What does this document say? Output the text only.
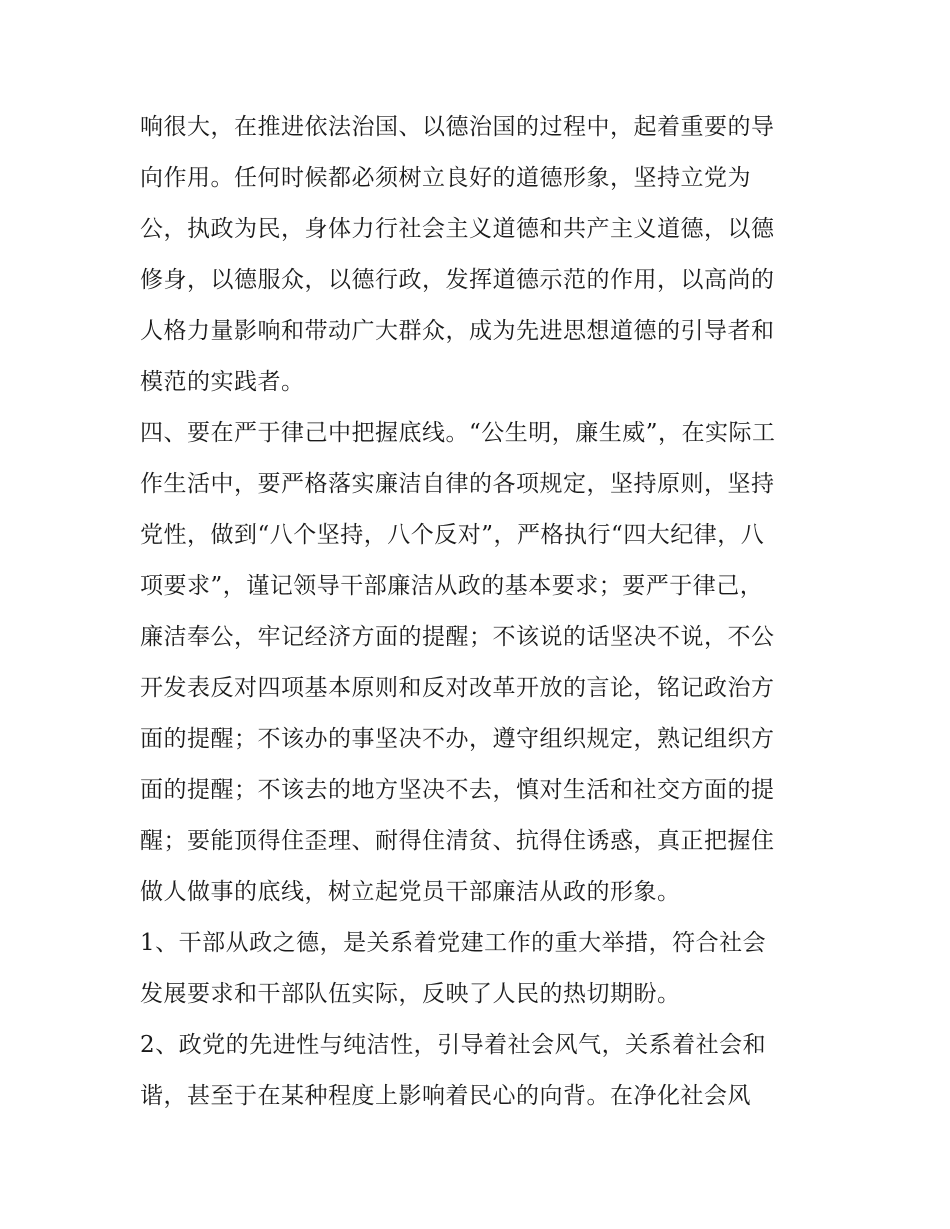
响很大，在推进依法治国、以德治国的过程中，起着重要的导
向作用。任何时候都必须树立良好的道德形象，坚持立党为
公，执政为民，身体力行社会主义道德和共产主义道德，以德
修身，以德服众，以德行政，发挥道德示范的作用，以高尚的
人格力量影响和带动广大群众，成为先进思想道德的引导者和
模范的实践者。
四、要在严于律己中把握底线。“公生明，廉生威”，在实际工
作生活中，要严格落实廉洁自律的各项规定，坚持原则，坚持
党性，做到“八个坚持，八个反对”，严格执行“四大纪律，八
项要求”，谨记领导干部廉洁从政的基本要求；要严于律己，
廉洁奉公，牢记经济方面的提醒；不该说的话坚决不说，不公
开发表反对四项基本原则和反对改革开放的言论，铭记政治方
面的提醒；不该办的事坚决不办，遵守组织规定，熟记组织方
面的提醒；不该去的地方坚决不去，慎对生活和社交方面的提
醒；要能顶得住歪理、耐得住清贫、抗得住诱惑，真正把握住
做人做事的底线，树立起党员干部廉洁从政的形象。
1、干部从政之德，是关系着党建工作的重大举措，符合社会
发展要求和干部队伍实际，反映了人民的热切期盼。
2、政党的先进性与纯洁性，引导着社会风气，关系着社会和
谐，甚至于在某种程度上影响着民心的向背。在净化社会风
